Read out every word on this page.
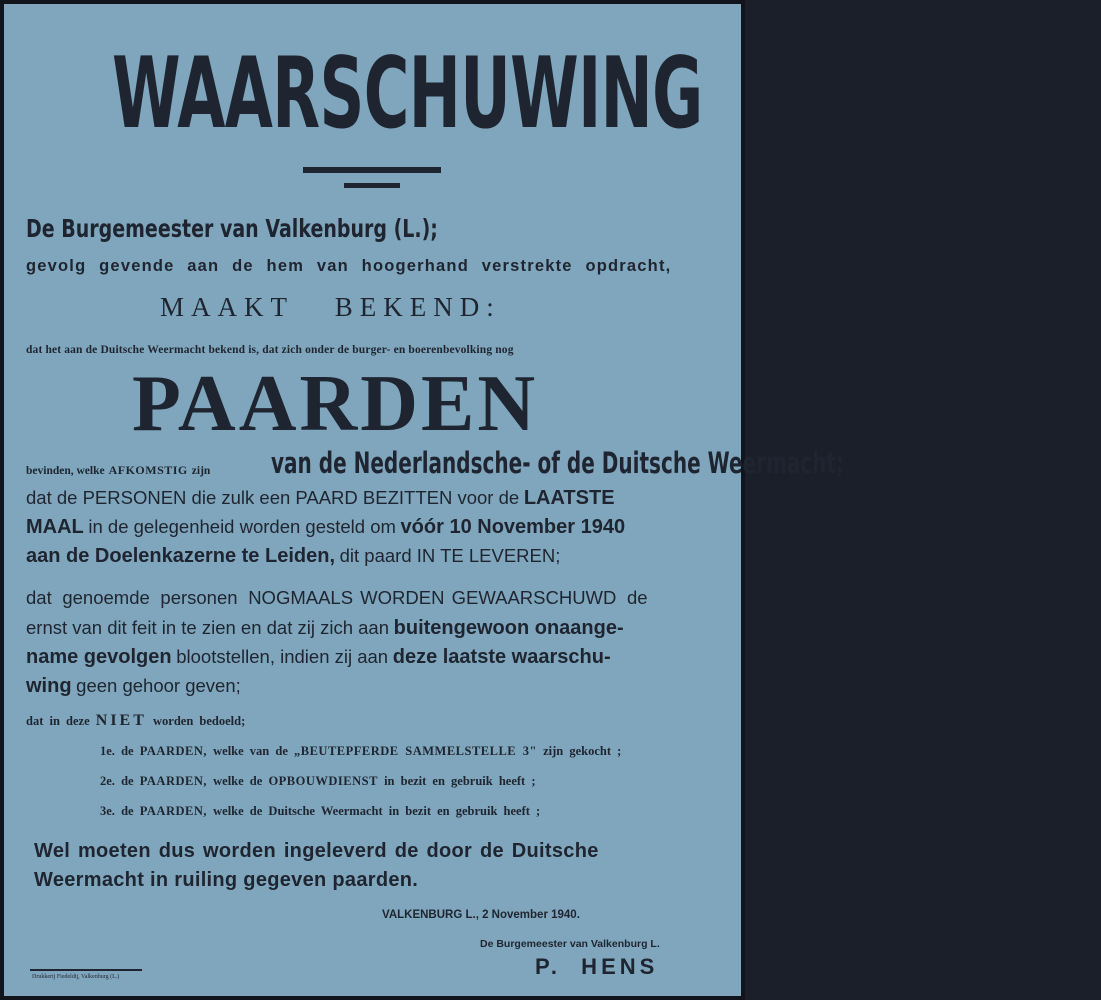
WAARSCHUWING
De Burgemeester van Valkenburg (L.);
gevolg gevende aan de hem van hoogerhand verstrekte opdracht,
MAAKT   BEKEND:
dat het aan de Duitsche Weermacht bekend is, dat zich onder de burger- en boerenbevolking nog
PAARDEN
bevinden, welke AFKOMSTIG zijn van de Nederlandsche- of de Duitsche Weermacht;
dat de PERSONEN die zulk een PAARD BEZITTEN voor de LAATSTE
MAAL in de gelegenheid worden gesteld om vóór 10 November 1940
aan de Doelenkazerne te Leiden, dit paard IN TE LEVEREN;
dat genoemde personen NOGMAALS WORDEN GEWAARSCHUWD de
ernst van dit feit in te zien en dat zij zich aan buitengewoon onaange-
name gevolgen blootstellen, indien zij aan deze laatste waarschu-
wing geen gehoor geven;
dat in deze NIET worden bedoeld;
1e. de PAARDEN, welke van de „BEUTEPFERDE SAMMELSTELLE 3" zijn gekocht ;
2e. de PAARDEN, welke de OPBOUWDIENST in bezit en gebruik heeft ;
3e. de PAARDEN, welke de Duitsche Weermacht in bezit en gebruik heeft ;
Wel moeten dus worden ingeleverd de door de Duitsche
Weermacht in ruiling gegeven paarden.
VALKENBURG L., 2 November 1940.
De Burgemeester van Valkenburg L.
P.  HENS
Drukkerij Fiedeldij, Valkenburg (L.)
